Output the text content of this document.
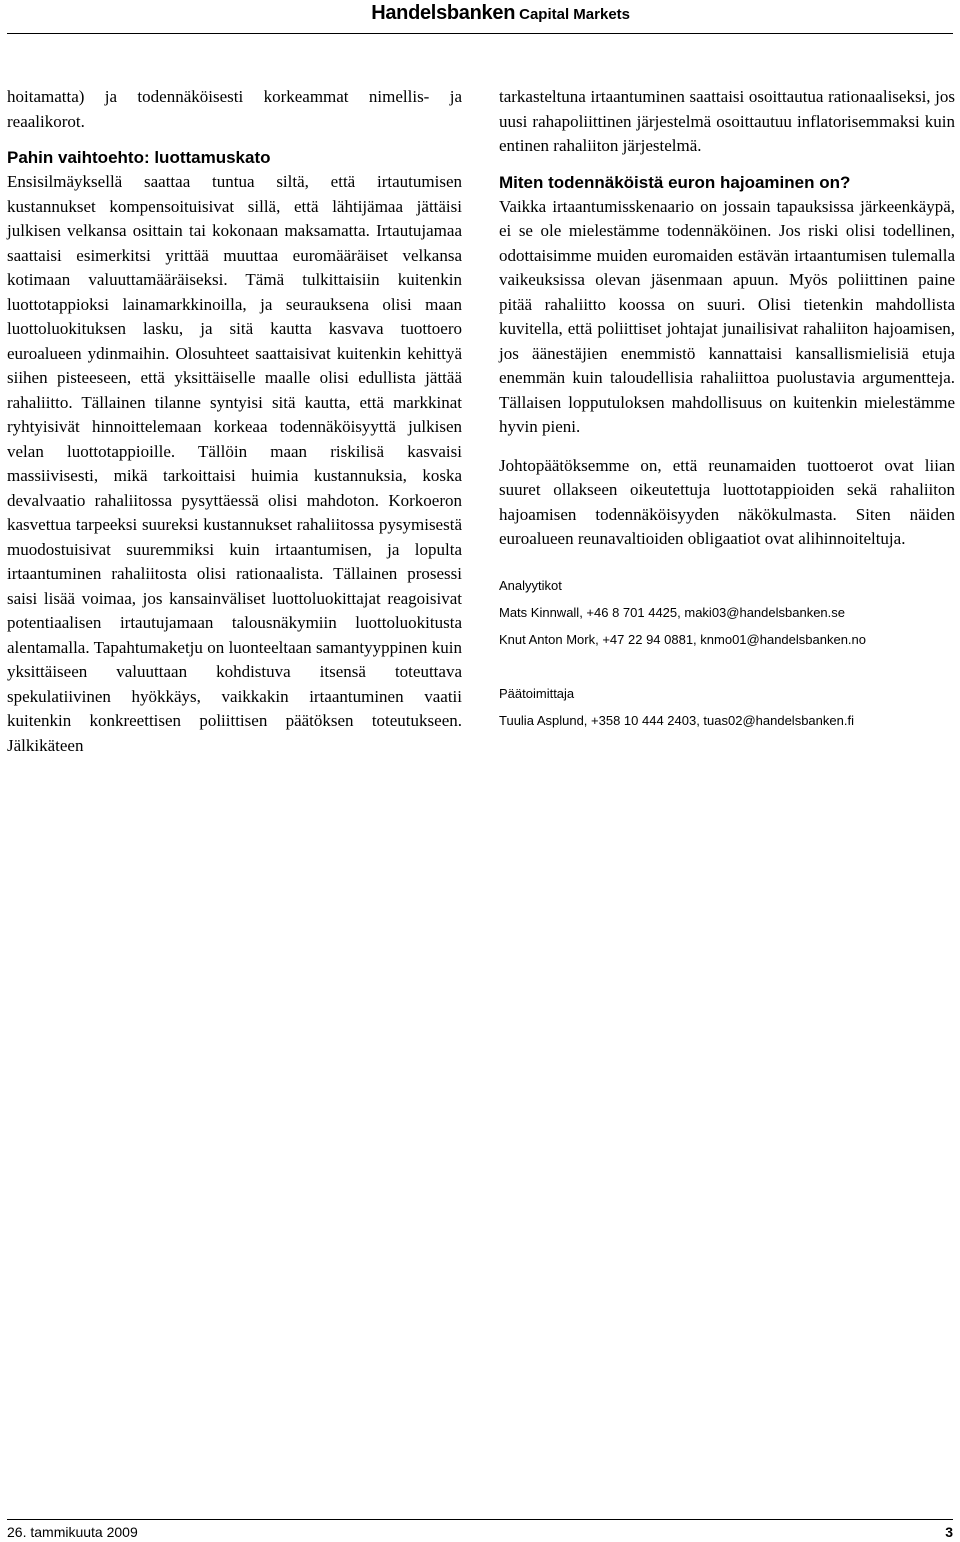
Handelsbanken Capital Markets

hoitamatta) ja todennäköisesti korkeammat nimellis- ja reaalikorot.

Pahin vaihtoehto: luottamuskato

Ensisilmäyksellä saattaa tuntua siltä, että irtautumisen kustannukset kompensoituisivat sillä, että lähtijämaa jättäisi julkisen velkansa osittain tai kokonaan maksamatta. Irtautujamaa saattaisi esimerkitsi yrittää muuttaa euromääräiset velkansa kotimaan valuuttamääräiseksi. Tämä tulkittaisiin kuitenkin luottotappioksi lainamarkkinoilla, ja seurauksena olisi maan luottoluokituksen lasku, ja sitä kautta kasvava tuottoero euroalueen ydinmaihin. Olosuhteet saattaisivat kuitenkin kehittyä siihen pisteeseen, että yksittäiselle maalle olisi edullista jättää rahaliitto. Tällainen tilanne syntyisi sitä kautta, että markkinat ryhtyisivät hinnoittelemaan korkeaa todennäköisyyttä julkisen velan luottotappioille. Tällöin maan riskilisä kasvaisi massiivisesti, mikä tarkoittaisi huimia kustannuksia, koska devalvaatio rahaliitossa pysyttäessä olisi mahdoton. Korkoeron kasvettua tarpeeksi suureksi kustannukset rahaliitossa pysymisestä muodostuisivat suuremmiksi kuin irtaantumisen, ja lopulta irtaantuminen rahaliitosta olisi rationaalista. Tällainen prosessi saisi lisää voimaa, jos kansainväliset luottoluokittajat reagoisivat potentiaalisen irtautujamaan talousnäkymiin luottoluokitusta alentamalla. Tapahtumaketju on luonteeltaan samantyyppinen kuin yksittäiseen valuuttaan kohdistuva itsensä toteuttava spekulatiivinen hyökkäys, vaikkakin irtaantuminen vaatii kuitenkin konkreettisen poliittisen päätöksen toteutukseen. Jälkikäteen

tarkasteltuna irtaantuminen saattaisi osoittautua rationaaliseksi, jos uusi rahapoliittinen järjestelmä osoittautuu inflatorisemmaksi kuin entinen rahaliiton järjestelmä.

Miten todennäköistä euron hajoaminen on?

Vaikka irtaantumisskenaario on jossain tapauksissa järkeenkäypä, ei se ole mielestämme todennäköinen. Jos riski olisi todellinen, odottaisimme muiden euromaiden estävän irtaantumisen tulemalla vaikeuksissa olevan jäsenmaan apuun. Myös poliittinen paine pitää rahaliitto koossa on suuri. Olisi tietenkin mahdollista kuvitella, että poliittiset johtajat junailisivat rahaliiton hajoamisen, jos äänestäjien enemmistö kannattaisi kansallismielisiä etuja enemmän kuin taloudellisia rahaliittoa puolustavia argumentteja. Tällaisen lopputuloksen mahdollisuus on kuitenkin mielestämme hyvin pieni.

Johtopäätöksemme on, että reunamaiden tuottoerot ovat liian suuret ollakseen oikeutettuja luottotappioiden sekä rahaliiton hajoamisen todennäköisyyden näkökulmasta. Siten näiden euroalueen reunavaltioiden obligaatiot ovat alihinnoiteltuja.

Analyytikot
Mats Kinnwall, +46 8 701 4425, maki03@handelsbanken.se
Knut Anton Mork, +47 22 94 0881, knmo01@handelsbanken.no
Päätoimittaja
Tuulia Asplund, +358 10 444 2403, tuas02@handelsbanken.fi
26. tammikuuta 2009	3
